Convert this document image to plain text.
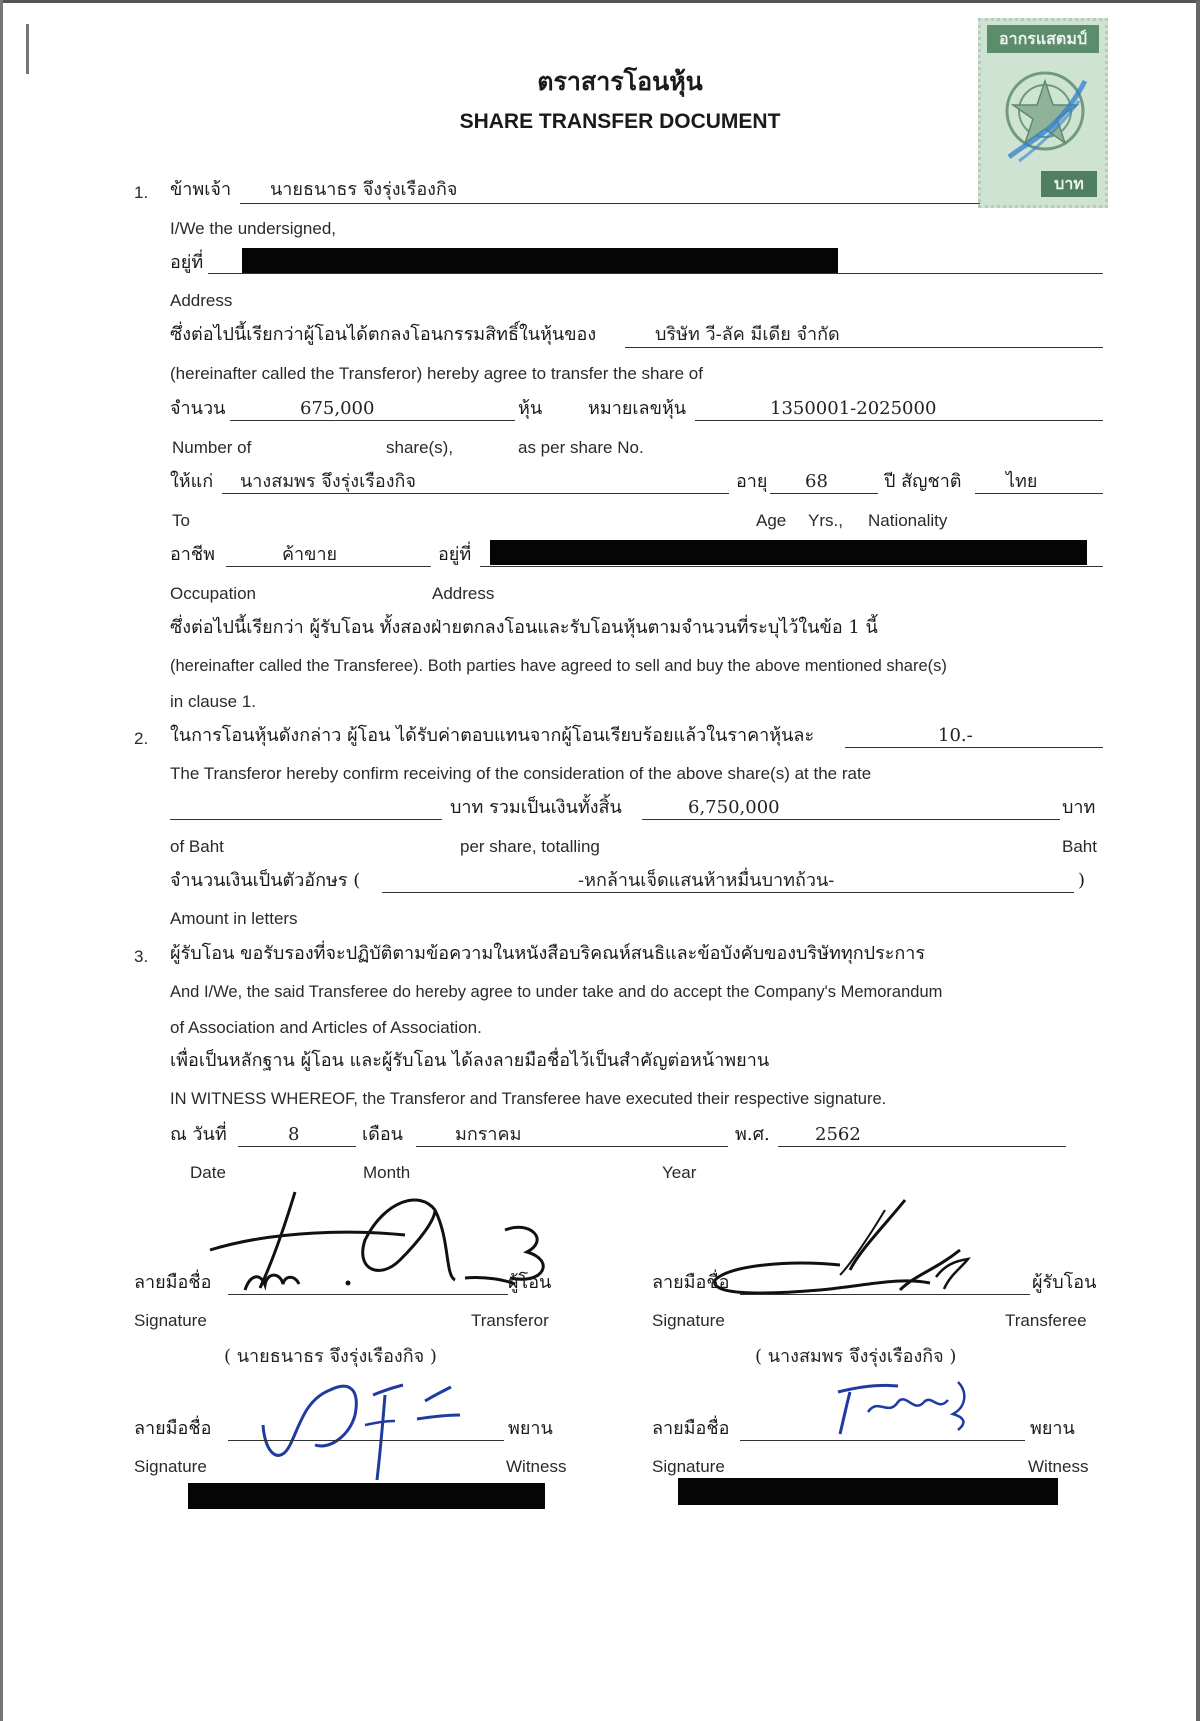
อากรแสตมป์
บาท
ตราสารโอนหุ้น
SHARE TRANSFER DOCUMENT
1. ข้าพเจ้า นายธนาธร จึงรุ่งเรืองกิจ
I/We the undersigned,
อยู่ที่
Address
ซึ่งต่อไปนี้เรียกว่าผู้โอนได้ตกลงโอนกรรมสิทธิ์ในหุ้นของ	บริษัท วี-ลัค มีเดีย จำกัด
(hereinafter called the Transferor) hereby agree to transfer the share of
จำนวน	675,000	หุ้น	หมายเลขหุ้น	1350001-2025000
Number of	share(s),	as per share No.
ให้แก่ นางสมพร จึงรุ่งเรืองกิจ	อายุ 68	ปี สัญชาติ ไทย
To	Age Yrs., Nationality
อาชีพ	ค้าขาย	อยู่ที่
Occupation	Address
ซึ่งต่อไปนี้เรียกว่า ผู้รับโอน ทั้งสองฝ่ายตกลงโอนและรับโอนหุ้นตามจำนวนที่ระบุไว้ในข้อ 1 นี้
(hereinafter called the Transferee). Both parties have agreed to sell and buy the above mentioned share(s)
in clause 1.
2. ในการโอนหุ้นดังกล่าว ผู้โอน ได้รับค่าตอบแทนจากผู้โอนเรียบร้อยแล้วในราคาหุ้นละ	10.-
The Transferor hereby confirm receiving of the consideration of the above share(s) at the rate
บาท รวมเป็นเงินทั้งสิ้น	6,750,000	บาท
of Baht	per share, totalling	Baht
จำนวนเงินเป็นตัวอักษร (	-หกล้านเจ็ดแสนห้าหมื่นบาทถ้วน-	)
Amount in letters
3. ผู้รับโอน ขอรับรองที่จะปฏิบัติตามข้อความในหนังสือบริคณห์สนธิและข้อบังคับของบริษัททุกประการ
And I/We, the said Transferee do hereby agree to under take and do accept the Company's Memorandum
of Association and Articles of Association.
เพื่อเป็นหลักฐาน ผู้โอน และผู้รับโอน ได้ลงลายมือชื่อไว้เป็นสำคัญต่อหน้าพยาน
IN WITNESS WHEREOF, the Transferor and Transferee have executed their respective signature.
ณ วันที่	8	เดือน	มกราคม	พ.ศ.	2562
Date	Month	Year
ลายมือชื่อ	ผู้โอน
Signature	Transferor
( นายธนาธร จึงรุ่งเรืองกิจ )
ลายมือชื่อ	ผู้รับโอน
Signature	Transferee
( นางสมพร จึงรุ่งเรืองกิจ )
ลายมือชื่อ	พยาน
Signature	Witness
ลายมือชื่อ	พยาน
Signature	Witness
